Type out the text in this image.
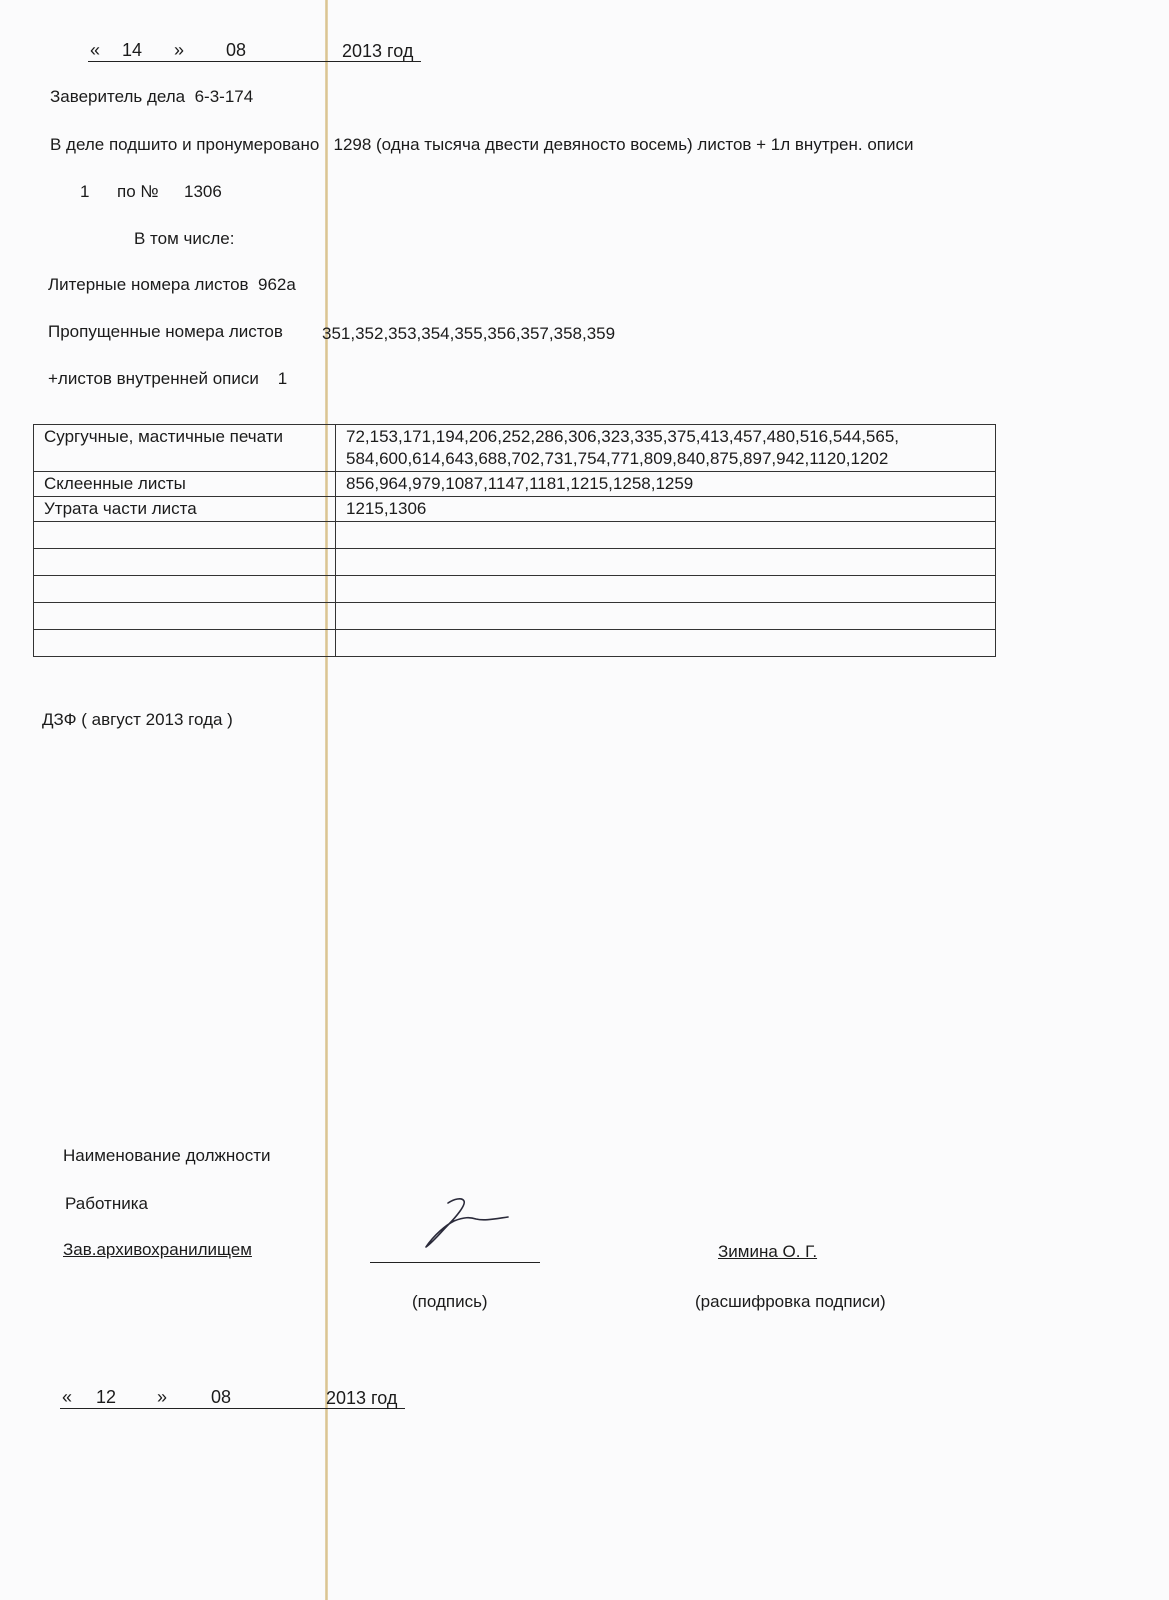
« 14 » 08	2013 год
Заверитель дела 6-3-174
В деле подшито и пронумеровано 1298 (одна тысяча двести девяносто восемь) листов + 1л внутрен. описи
1 по № 1306
В том числе:
Литерные номера листов 962а
Пропущенные номера листов 351,352,353,354,355,356,357,358,359
+листов внутренней описи 1
Сургучные, мастичные печати	72,153,171,194,206,252,286,306,323,335,375,413,457,480,516,544,565,
584,600,614,643,688,702,731,754,771,809,840,875,897,942,1120,1202

Склеенные листы	856,964,979,1087,1147,1181,1215,1258,1259
Утрата части листа	1215,1306

ДЗФ ( август 2013 года )
Наименование должности
Работника
Зав.архивохранилищем
(подпись)
Зимина О. Г.
(расшифровка подписи)
« 12 » 08	2013 год
